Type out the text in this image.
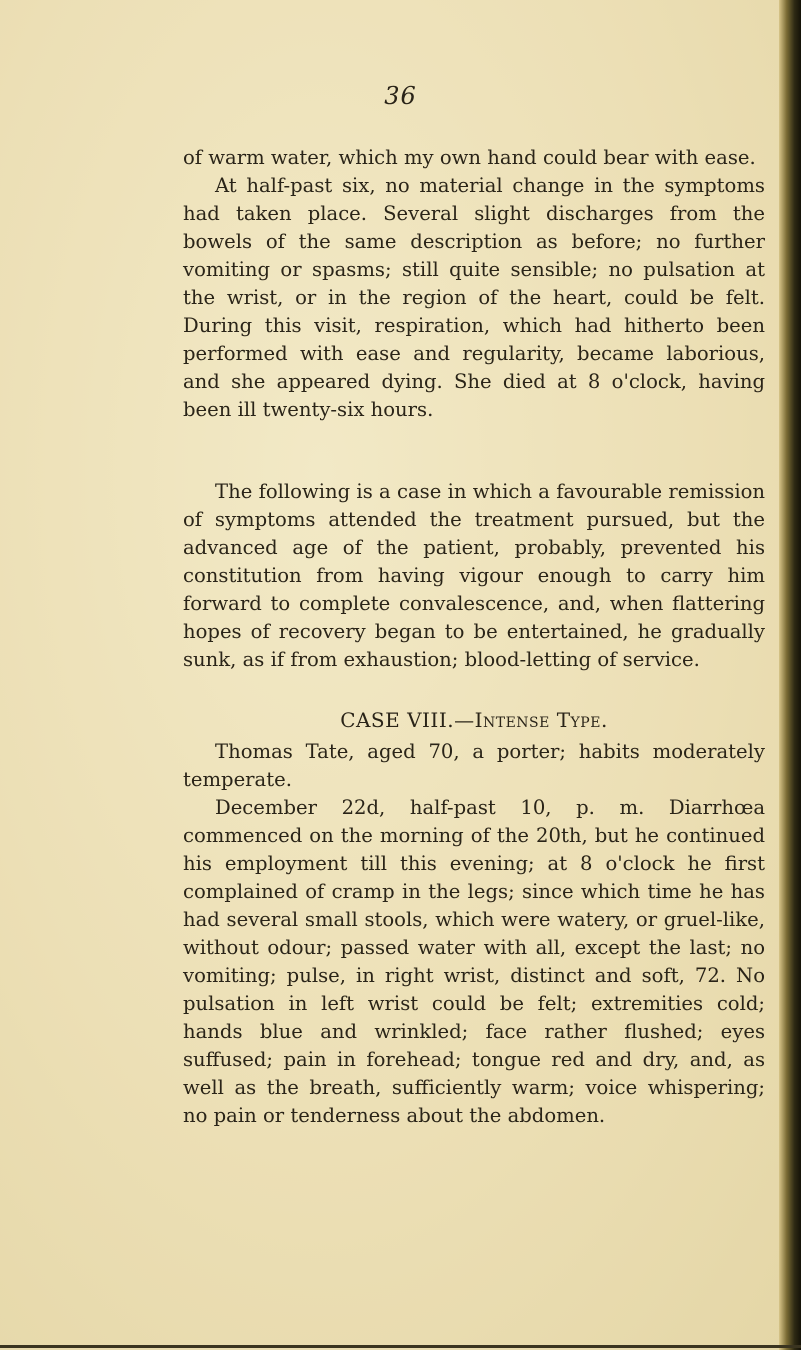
36

of warm water, which my own hand could bear with ease.

At half-past six, no material change in the symptoms had taken place. Several slight discharges from the bowels of the same description as before; no further vomiting or spasms; still quite sensible; no pulsation at the wrist, or in the region of the heart, could be felt. During this visit, respiration, which had hitherto been performed with ease and regularity, became laborious, and she appeared dying. She died at 8 o'clock, having been ill twenty-six hours.

The following is a case in which a favourable remission of symptoms attended the treatment pursued, but the advanced age of the patient, probably, prevented his constitution from having vigour enough to carry him forward to complete convalescence, and, when flattering hopes of recovery began to be entertained, he gradually sunk, as if from exhaustion; blood-letting of service.

CASE VIII.—Intense Type.

Thomas Tate, aged 70, a porter; habits moderately temperate.

December 22d, half-past 10, p. m. Diarrhœa commenced on the morning of the 20th, but he continued his employment till this evening; at 8 o'clock he first complained of cramp in the legs; since which time he has had several small stools, which were watery, or gruel-like, without odour; passed water with all, except the last; no vomiting; pulse, in right wrist, distinct and soft, 72. No pulsation in left wrist could be felt; extremities cold; hands blue and wrinkled; face rather flushed; eyes suffused; pain in forehead; tongue red and dry, and, as well as the breath, sufficiently warm; voice whispering; no pain or tenderness about the abdomen.
